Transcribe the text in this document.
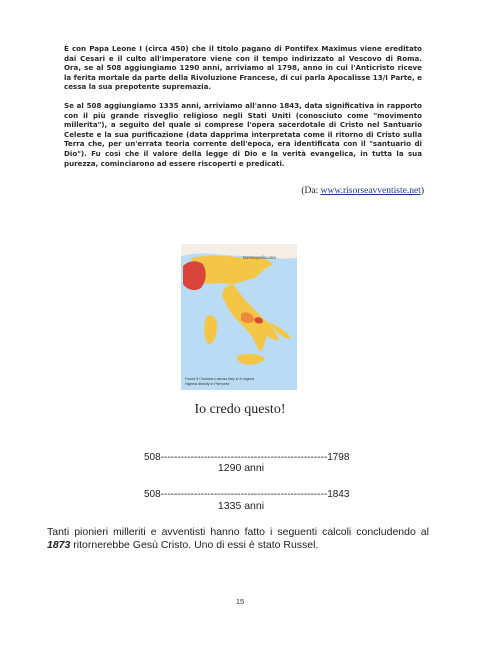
È con Papa Leone I (circa 450) che il titolo pagano di Pontifex Maximus viene ereditato dai Cesari e il culto all'imperatore viene con il tempo indirizzato al Vescovo di Roma. Ora, se al 508 aggiungiamo 1290 anni, arriviamo al 1798, anno in cui l'Anticristo riceve la ferita mortale da parte della Rivoluzione Francese, di cui parla Apocalisse 13/I Parte, e cessa la sua prepotente supremazia.

Se al 508 aggiungiamo 1335 anni, arriviamo all'anno 1843, data significativa in rapporto con il più grande risveglio religioso negli Stati Uniti (conosciuto come "movimento millerita"), a seguito del quale si comprese l'opera sacerdotale di Cristo nel Santuario Celeste e la sua purificazione (data dapprima interpretata come il ritorno di Cristo sulla Terra che, per un'errata teoria corrente dell'epoca, era identificata con il "santuario di Dio"). Fu così che il valore della legge di Dio e la verità evangelica, in tutta la sua purezza, cominciarono ad essere riscoperti e predicati.

(Da: www.risorseavventiste.net)
Nomeopedia.com
Found 5 Clodovero across Italy in 5 regions
Highest density in Piemonte
Io credo questo!
508--------------------------------------------------1798
1290 anni
508--------------------------------------------------1843
1335 anni

Tanti pionieri milleriti e avventisti hanno fatto i seguenti calcoli concludendo al 1873 ritornerebbe Gesù Cristo. Uno di essi è stato Russel.

15
